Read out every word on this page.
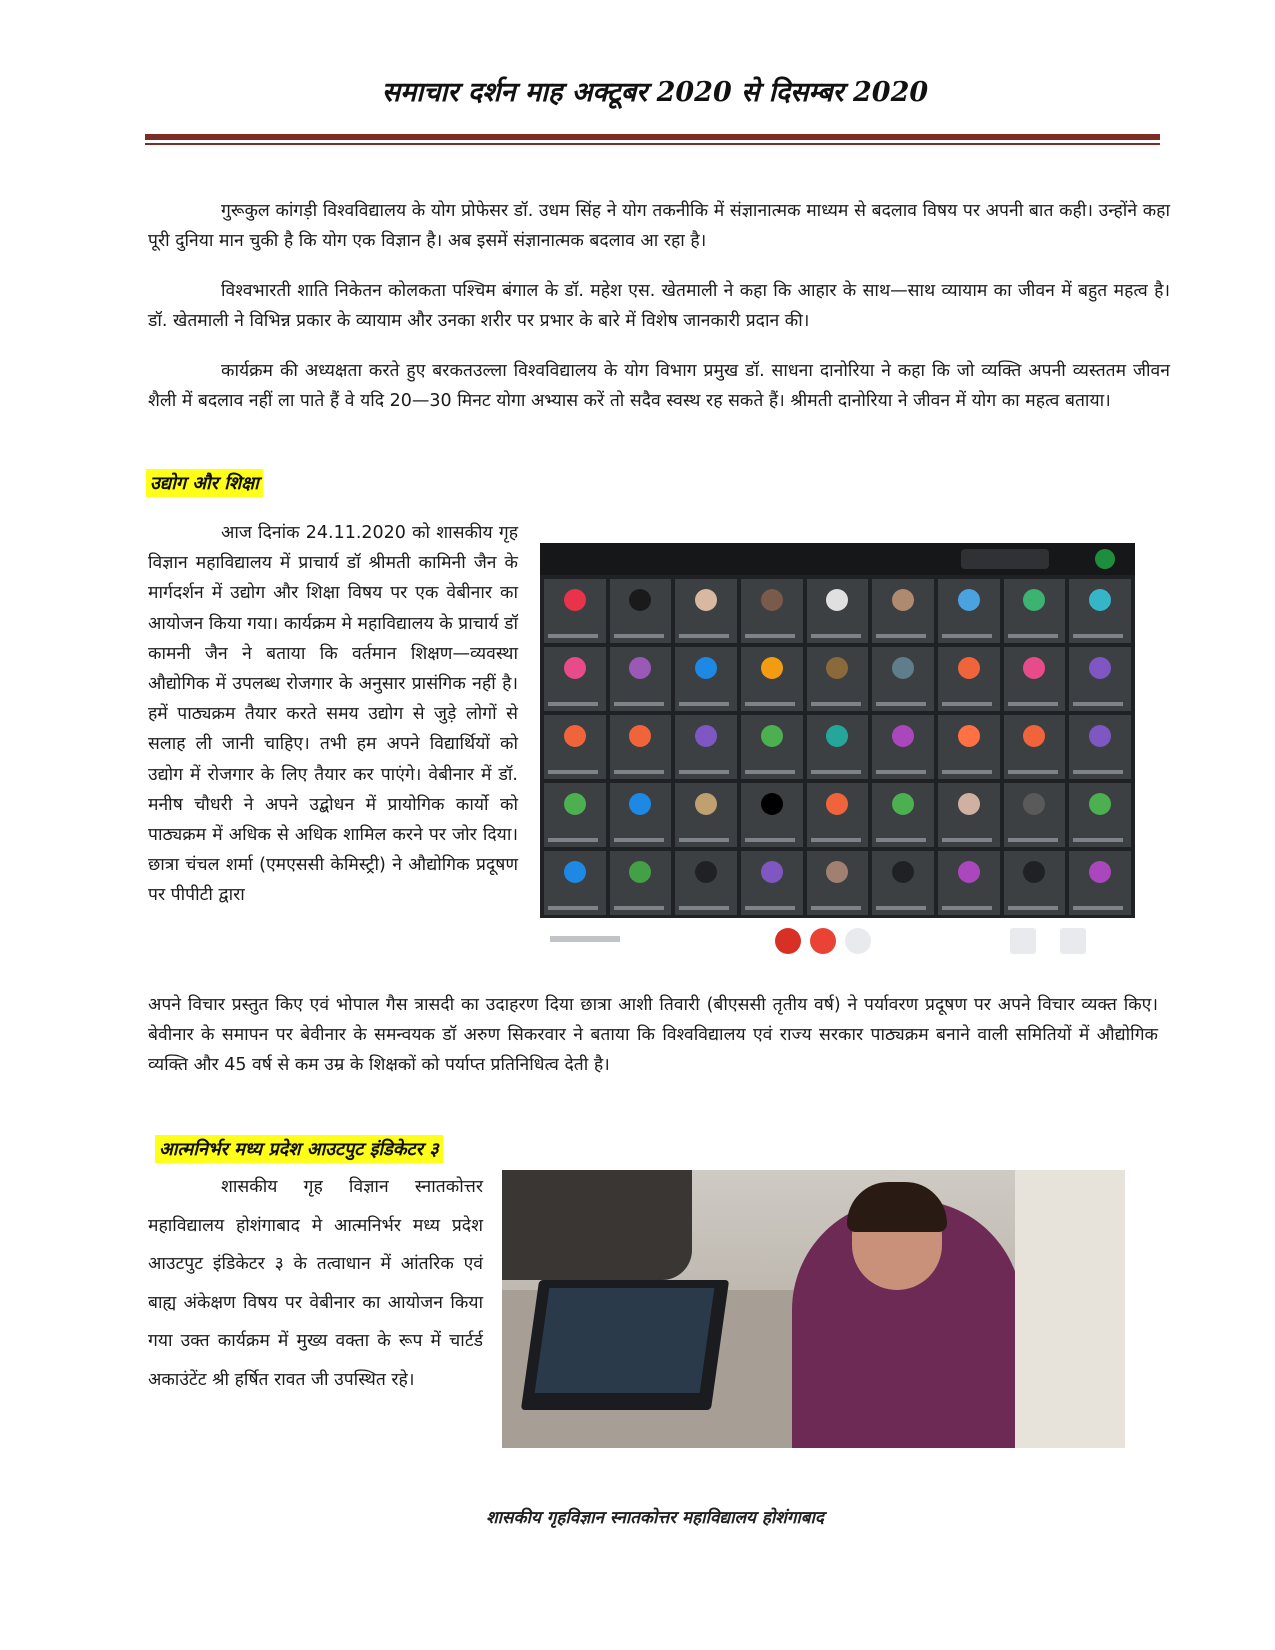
समाचार दर्शन माह अक्टूबर 2020 से दिसम्बर 2020

गुरूकुल कांगड़ी विश्वविद्यालय के योग प्रोफेसर डॉ. उधम सिंह ने योग तकनीकि में संज्ञानात्मक माध्यम से बदलाव विषय पर अपनी बात कही। उन्होंने कहा पूरी दुनिया मान चुकी है कि योग एक विज्ञान है। अब इसमें संज्ञानात्मक बदलाव आ रहा है।

विश्वभारती शाति निकेतन कोलकता पश्चिम बंगाल के डॉ. महेश एस. खेतमाली ने कहा कि आहार के साथ—साथ व्यायाम का जीवन में बहुत महत्व है। डॉ. खेतमाली ने विभिन्न प्रकार के व्यायाम और उनका शरीर पर प्रभार के बारे में विशेष जानकारी प्रदान की।

कार्यक्रम की अध्यक्षता करते हुए बरकतउल्ला विश्वविद्यालय के योग विभाग प्रमुख डॉ. साधना दानोरिया ने कहा कि जो व्यक्ति अपनी व्यस्ततम जीवन शैली में बदलाव नहीं ला पाते हैं वे यदि 20—30 मिनट योगा अभ्यास करें तो सदैव स्वस्थ रह सकते हैं। श्रीमती दानोरिया ने जीवन में योग का महत्व बताया।

उद्योग और शिक्षा

आज दिनांक 24.11.2020 को शासकीय गृह विज्ञान महाविद्यालय में प्राचार्य डॉ श्रीमती कामिनी जैन के मार्गदर्शन में उद्योग और शिक्षा विषय पर एक वेबीनार का आयोजन किया गया। कार्यक्रम मे महाविद्यालय के प्राचार्य डॉ कामनी जैन ने बताया कि वर्तमान शिक्षण—व्यवस्था औद्योगिक में उपलब्ध रोजगार के अनुसार प्रासंगिक नहीं है। हमें पाठ्यक्रम तैयार करते समय उद्योग से जुड़े लोगों से सलाह ली जानी चाहिए। तभी हम अपने विद्यार्थियों को उद्योग में रोजगार के लिए तैयार कर पाएंगे। वेबीनार में डॉ. मनीष चौधरी ने अपने उद्बोधन में प्रायोगिक कार्यो को पाठ्यक्रम में अधिक से अधिक शामिल करने पर जोर दिया। छात्रा चंचल शर्मा (एमएससी केमिस्ट्री) ने औद्योगिक प्रदूषण पर पीपीटी द्वारा

अपने विचार प्रस्तुत किए एवं भोपाल गैस त्रासदी का उदाहरण दिया छात्रा आशी तिवारी (बीएससी तृतीय वर्ष) ने पर्यावरण प्रदूषण पर अपने विचार व्यक्त किए। बेवीनार के समापन पर बेवीनार के समन्वयक डॉ अरुण सिकरवार ने बताया कि विश्वविद्यालय एवं राज्य सरकार पाठ्यक्रम बनाने वाली समितियों में औद्योगिक व्यक्ति और 45 वर्ष से कम उम्र के शिक्षकों को पर्याप्त प्रतिनिधित्व देती है।

आत्मनिर्भर मध्य प्रदेश आउटपुट इंडिकेटर ३

शासकीय गृह विज्ञान स्नातकोत्तर महाविद्यालय होशंगाबाद मे आत्मनिर्भर मध्य प्रदेश आउटपुट इंडिकेटर ३ के तत्वाधान में आंतरिक एवं बाह्य अंकेक्षण विषय पर वेबीनार का आयोजन किया गया उक्त कार्यक्रम में मुख्य वक्ता के रूप में चार्टर्ड अकाउंटेंट श्री हर्षित रावत जी उपस्थित रहे।

शासकीय गृहविज्ञान स्नातकोत्तर महाविद्यालय होशंगाबाद
